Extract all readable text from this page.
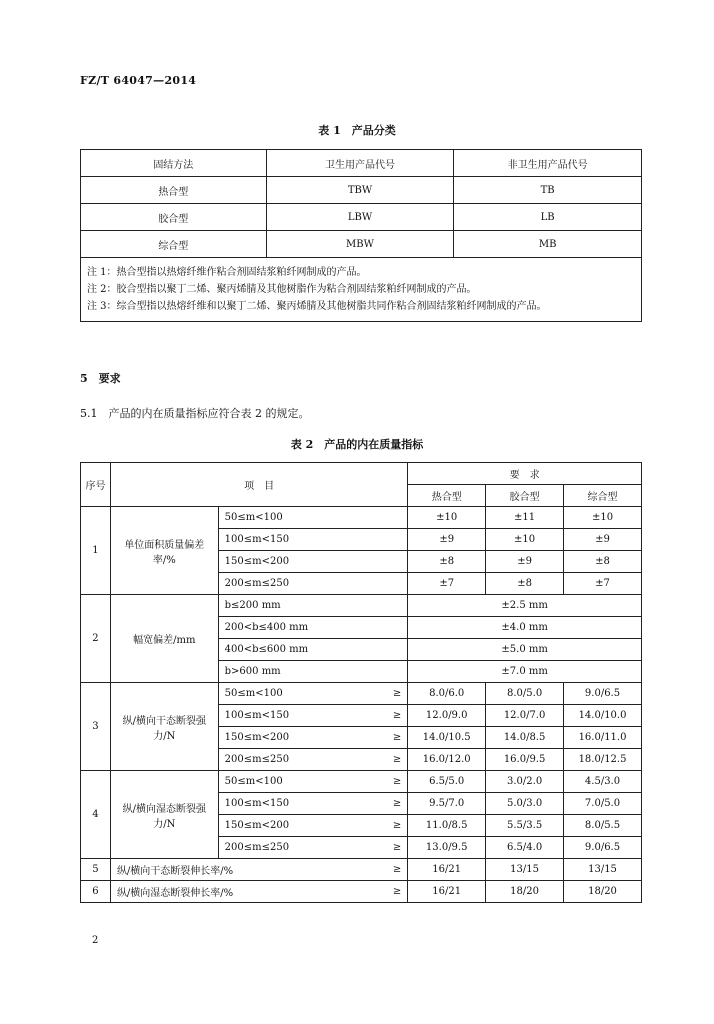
FZ/T 64047—2014
表 1　产品分类
固结方法	卫生用产品代号	非卫生用产品代号
热合型	TBW	TB
胶合型	LBW	LB
综合型	MBW	MB

注 1：热合型指以热熔纤维作粘合剂固结浆粕纤网制成的产品。
注 2：胶合型指以聚丁二烯、聚丙烯腈及其他树脂作为粘合剂固结浆粕纤网制成的产品。
注 3：综合型指以热熔纤维和以聚丁二烯、聚丙烯腈及其他树脂共同作粘合剂固结浆粕纤网制成的产品。		
5　要求
5.1　产品的内在质量指标应符合表 2 的规定。
表 2　产品的内在质量指标
序号	项　目			要　求		
				热合型	胶合型	综合型
1	单位面积质量偏差率/%	50≤m<100		±10	±11	±10
		100≤m<150		±9	±10	±9
		150≤m<200		±8	±9	±8
		200≤m≤250		±7	±8	±7
2	幅宽偏差/mm	b≤200 mm		±2.5 mm		
		200<b≤400 mm		±4.0 mm		
		400<b≤600 mm		±5.0 mm		
		b>600 mm		±7.0 mm		
3	纵/横向干态断裂强力/N	50≤m<100	≥	8.0/6.0	8.0/5.0	9.0/6.5
		100≤m<150	≥	12.0/9.0	12.0/7.0	14.0/10.0
		150≤m<200	≥	14.0/10.5	14.0/8.5	16.0/11.0
		200≤m≤250	≥	16.0/12.0	16.0/9.5	18.0/12.5
4	纵/横向湿态断裂强力/N	50≤m<100	≥	6.5/5.0	3.0/2.0	4.5/3.0
		100≤m<150	≥	9.5/7.0	5.0/3.0	7.0/5.0
		150≤m<200	≥	11.0/8.5	5.5/3.5	8.0/5.5
		200≤m≤250	≥	13.0/9.5	6.5/4.0	9.0/6.5
5	纵/横向干态断裂伸长率/%		≥	16/21	13/15	13/15
6	纵/横向湿态断裂伸长率/%		≥	16/21	18/20	18/20
2
